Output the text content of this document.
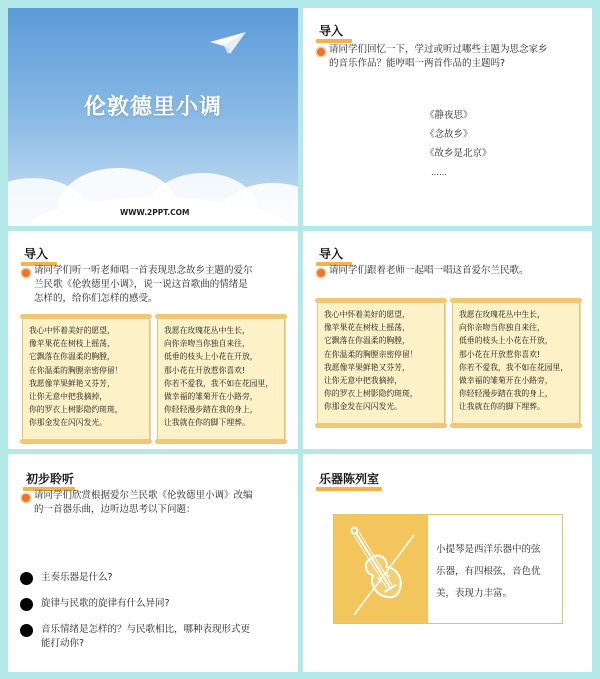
伦敦德里小调
WWW.2PPT.COM
导入
请同学们回忆一下，学过或听过哪些主题为思念家乡
的音乐作品？能哼唱一两首作品的主题吗?
《静夜思》
《念故乡》
《故乡是北京》
……
导入
请同学们听一听老师唱一首表现思念故乡主题的爱尔
兰民歌《伦敦德里小调》，说一说这首歌曲的情绪是
怎样的，给你们怎样的感受。
我心中怀着美好的愿望，
像苹果花在树枝上摇荡，
它飘落在你温柔的胸膛，
在你温柔的胸膛亲密停留！
我愿像苹果鲜艳又芬芳，
让你无意中把我摘掉，
你的罗衣上树影隐约斑斑，
你那金发在闪闪发光。
我愿在玫瑰花丛中生长，
向你亲吻当你独自来往，
低垂的枝头上小花在开放，
那小花在开放惹你喜欢!
你若不爱我，我不如在花园里，
做幸福的雏菊开在小路旁，
你轻轻漫步踏在我的身上，
让我就在你的脚下埋葬。
导入
请同学们跟着老师一起唱一唱这首爱尔兰民歌。
我心中怀着美好的愿望，
像苹果花在树枝上摇荡，
它飘落在你温柔的胸膛，
在你温柔的胸膛亲密停留！
我愿像苹果鲜艳又芬芳，
让你无意中把我摘掉，
你的罗衣上树影隐约斑斑，
你那金发在闪闪发光。
我愿在玫瑰花丛中生长，
向你亲吻当你独自来往，
低垂的枝头上小花在开放，
那小花在开放惹你喜欢!
你若不爱我，我不如在花园里，
做幸福的雏菊开在小路旁，
你轻轻漫步踏在我的身上，
让我就在你的脚下埋葬。
初步聆听
请同学们欣赏根据爱尔兰民歌《伦敦德里小调》改编
的一首器乐曲，边听边思考以下问题：
主奏乐器是什么?
旋律与民歌的旋律有什么异同?
音乐情绪是怎样的？与民歌相比，哪种表现形式更
能打动你?
乐器陈列室
小提琴是西洋乐器中的弦
乐器，有四根弦，音色优
美，表现力丰富。
